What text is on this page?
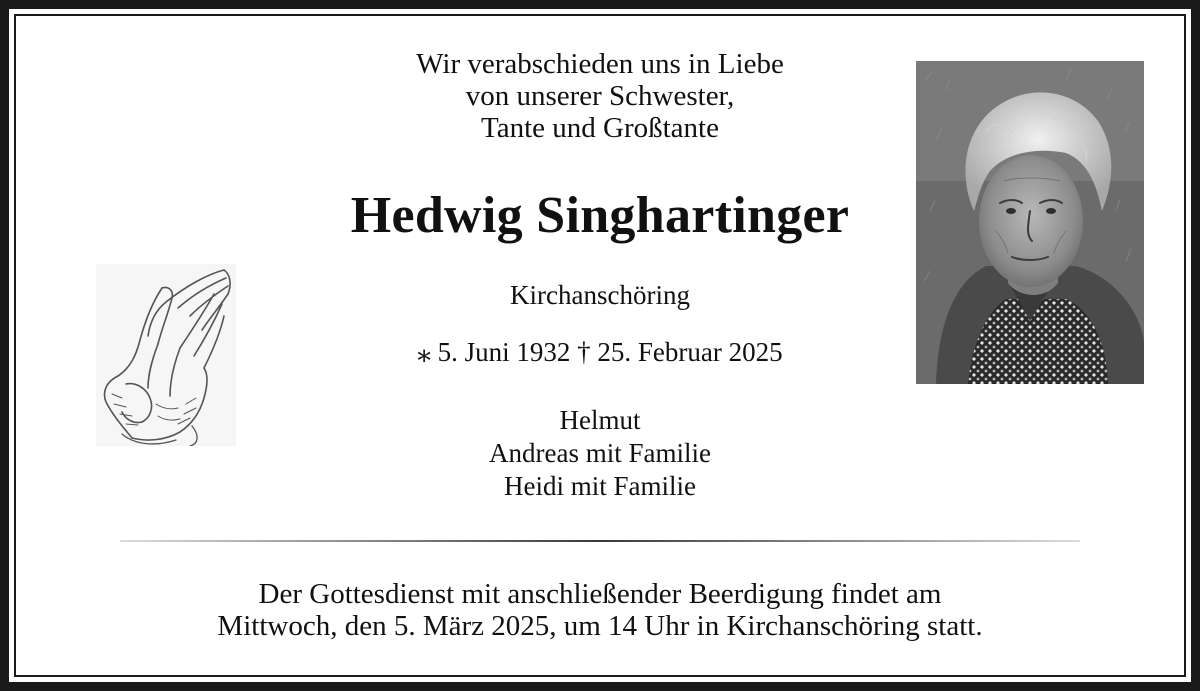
Wir verabschieden uns in Liebe
von unserer Schwester,
Tante und Großtante
Hedwig Singhartinger
Kirchanschöring
⁎ 5. Juni 1932 † 25. Februar 2025
Helmut
Andreas mit Familie
Heidi mit Familie
Der Gottesdienst mit anschließender Beerdigung findet am
Mittwoch, den 5. März 2025, um 14 Uhr in Kirchanschöring statt.
